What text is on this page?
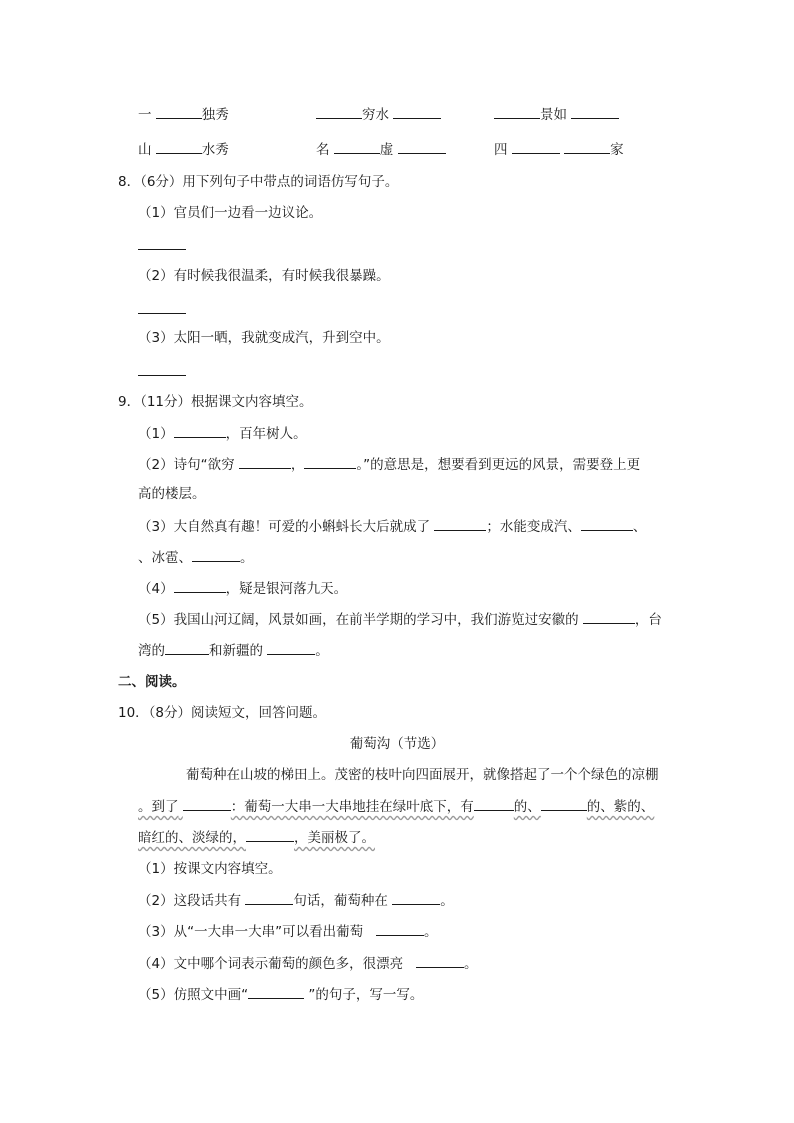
一	独秀	穷水	景如
山	水秀	名	虚	四	家
8．（6分）用下列句子中带点的词语仿写句子。
（1）官员们一边看一边议论。
（2）有时候我很温柔，有时候我很暴躁。
（3）太阳一晒，我就变成汽，升到空中。
9．（11分）根据课文内容填空。
（1）	，百年树人。
（2）诗句“欲穷	，	。”的意思是，想要看到更远的风景，需要登上更
高的楼层。
（3）大自然真有趣！可爱的小蝌蚪长大后就成了	；水能变成汽、	、
、冰雹、	。
（4）	，疑是银河落九天。
（5）我国山河辽阔，风景如画，在前半学期的学习中，我们游览过安徽的	，台
湾的	和新疆的	。
二、阅读。
10．（8分）阅读短文，回答问题。
葡萄沟（节选）
葡萄种在山坡的梯田上。茂密的枝叶向四面展开，就像搭起了一个个绿色的凉棚
。到了	：葡萄一大串一大串地挂在绿叶底下，有	的、	的、紫的、
暗红的、淡绿的，	，美丽极了。
（1）按课文内容填空。
（2）这段话共有	句话，葡萄种在	。
（3）从“一大串一大串”可以看出葡萄	。
（4）文中哪个词表示葡萄的颜色多，很漂亮	。
（5）仿照文中画“	”的句子，写一写。
